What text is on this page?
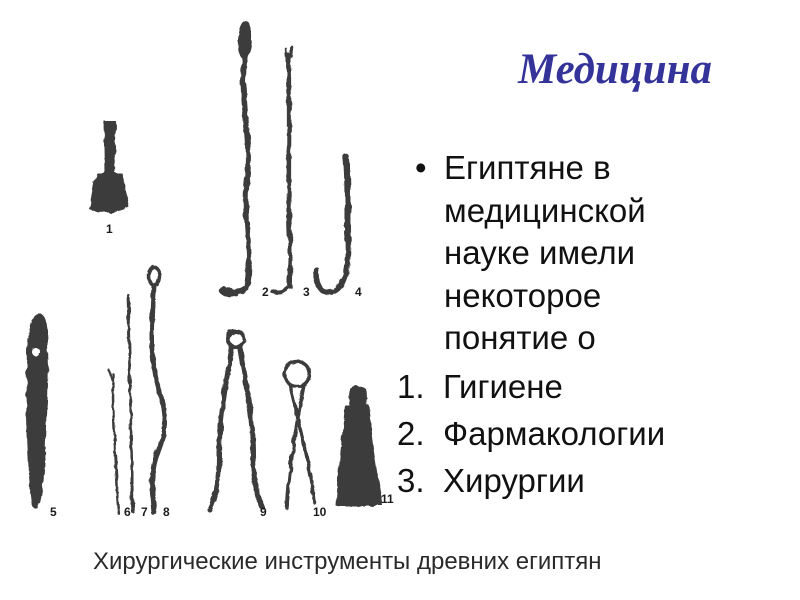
1
2	3	4
5	6 7 8	9	10
11
Медицина
• Египтяне в
медицинской
науке имели
некоторое
понятие о
1. Гигиене
2. Фармакологии
3. Хирургии
Хирургические инструменты древних египтян
